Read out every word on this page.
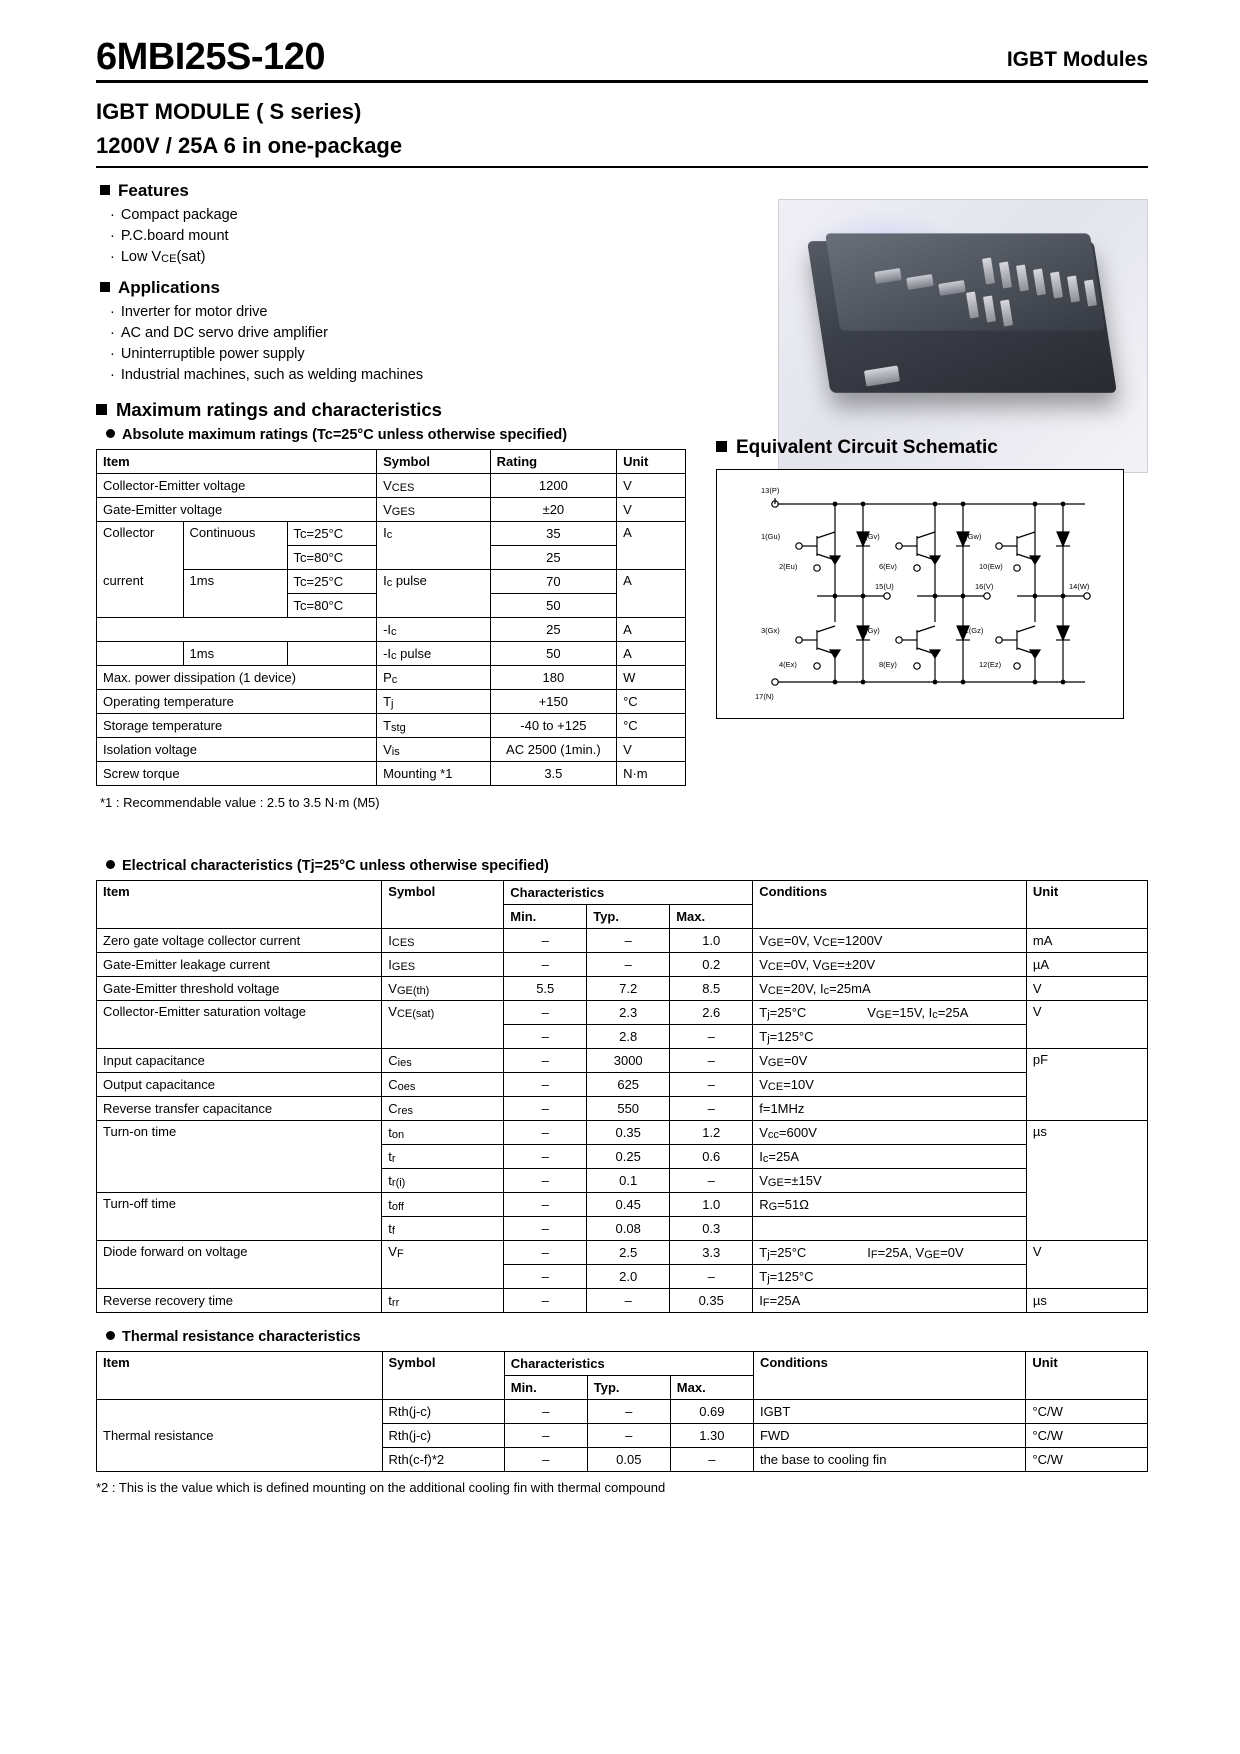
6MBI25S-120	IGBT Modules
IGBT MODULE ( S series)
1200V / 25A 6 in one-package
Features
· Compact package
· P.C.board mount
· Low VCE(sat)
Applications
· Inverter for motor drive
· AC and DC servo drive amplifier
· Uninterruptible power supply
· Industrial machines, such as welding machines
Maximum ratings and characteristics
Absolute maximum ratings (Tc=25°C unless otherwise specified)
Item			Symbol	Rating	Unit
Collector-Emitter voltage			VCES	1200	V
Gate-Emitter voltage			VGES	±20	V
Collector	Continuous	Tc=25°C	Ic	35	A
		Tc=80°C		25	
current	1ms	Tc=25°C	Ic pulse	70	A
		Tc=80°C		50	
			-Ic	25	A
	1ms		-Ic pulse	50	A
Max. power dissipation (1 device)			Pc	180	W
Operating temperature			Tj	+150	°C
Storage temperature			Tstg	-40 to +125	°C
Isolation voltage			Vis	AC 2500 (1min.)	V
Screw torque			Mounting *1	3.5	N·m
*1 : Recommendable value : 2.5 to 3.5 N·m (M5)
Equivalent Circuit Schematic
13(P)
17(N)
1(Gu)
2(Eu)
5(Gv)
6(Ev)
9(Gw)
10(Ew)
3(Gx)
4(Ex)
7(Gy)
8(Ey)
11(Gz)
12(Ez)
15(U)	16(V)	14(W)
Electrical characteristics (Tj=25°C unless otherwise specified)
Item	Symbol	Characteristics			Conditions	Unit
		Min.	Typ.	Max.		
Zero gate voltage collector current	ICES	–	–	1.0	VGE=0V, VCE=1200V	mA
Gate-Emitter leakage current	IGES	–	–	0.2	VCE=0V, VGE=±20V	µA
Gate-Emitter threshold voltage	VGE(th)	5.5	7.2	8.5	VCE=20V, Ic=25mA	V
Collector-Emitter saturation voltage	VCE(sat)	–	2.3	2.6	Tj=25°C VGE=15V, Ic=25A	V
		–	2.8	–	Tj=125°C	
Input capacitance	Cies	–	3000	–	VGE=0V	pF
Output capacitance	Coes	–	625	–	VCE=10V	
Reverse transfer capacitance	Cres	–	550	–	f=1MHz	
Turn-on time	ton	–	0.35	1.2	Vcc=600V	µs
	tr	–	0.25	0.6	Ic=25A	
	tr(i)	–	0.1	–	VGE=±15V	
Turn-off time	toff	–	0.45	1.0	RG=51Ω	
	tf	–	0.08	0.3		
Diode forward on voltage	VF	–	2.5	3.3	Tj=25°C IF=25A, VGE=0V	V
		–	2.0	–	Tj=125°C	
Reverse recovery time	trr	–	–	0.35	IF=25A	µs
Thermal resistance characteristics
Item	Symbol	Characteristics			Conditions	Unit
		Min.	Typ.	Max.		
Thermal resistance	Rth(j-c)	–	–	0.69	IGBT	°C/W
	Rth(j-c)	–	–	1.30	FWD	°C/W
	Rth(c-f)*2	–	0.05	–	the base to cooling fin	°C/W
*2 : This is the value which is defined mounting on the additional cooling fin with thermal compound
